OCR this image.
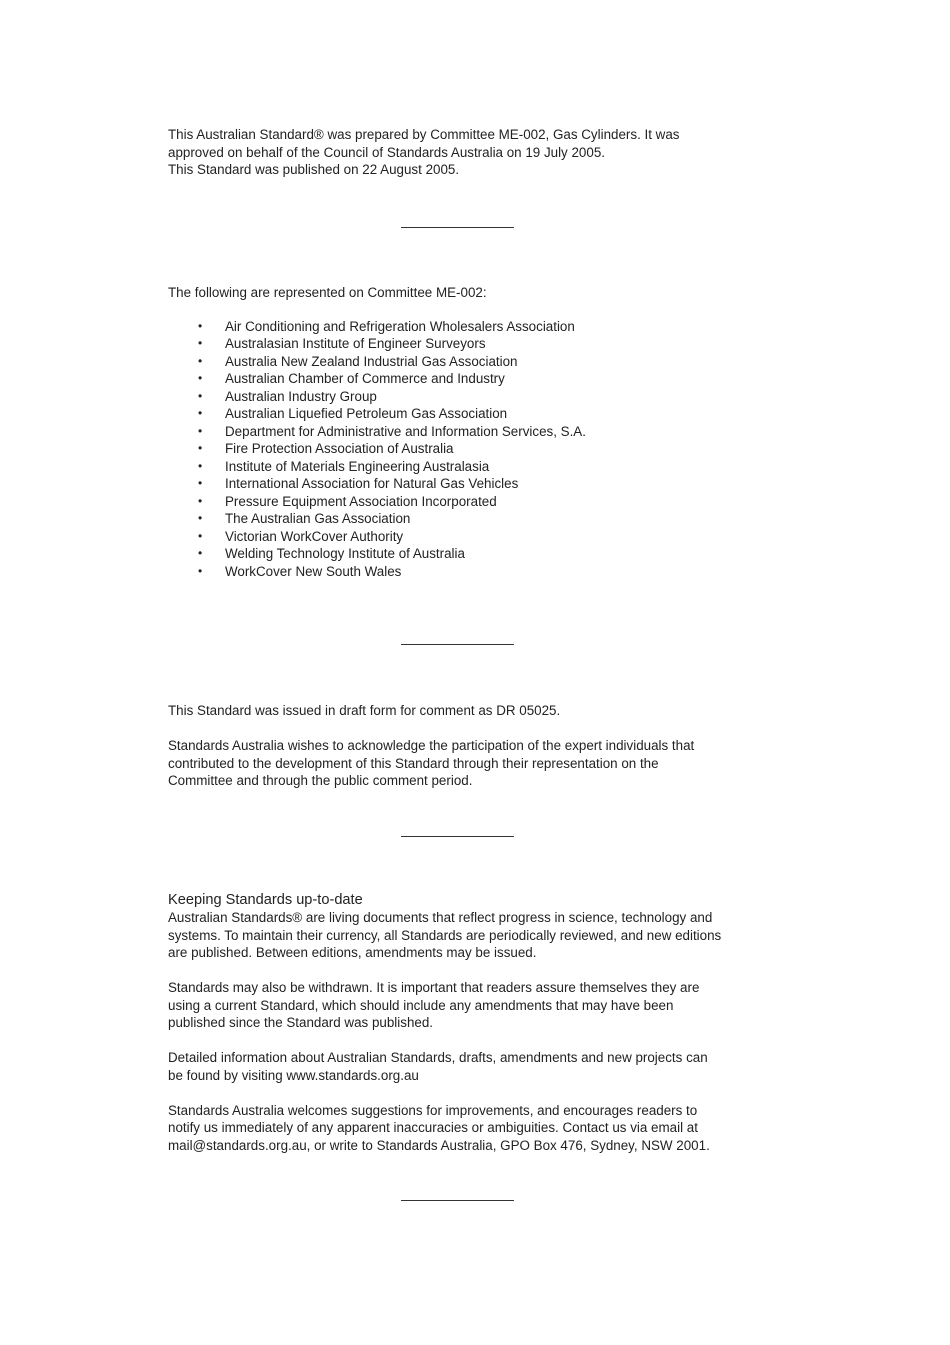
This Australian Standard® was prepared by Committee ME-002, Gas Cylinders. It was

approved on behalf of the Council of Standards Australia on 19 July 2005.

This Standard was published on 22 August 2005.

The following are represented on Committee ME-002:

• Air Conditioning and Refrigeration Wholesalers Association
• Australasian Institute of Engineer Surveyors
• Australia New Zealand Industrial Gas Association
• Australian Chamber of Commerce and Industry
• Australian Industry Group
• Australian Liquefied Petroleum Gas Association
• Department for Administrative and Information Services, S.A.
• Fire Protection Association of Australia
• Institute of Materials Engineering Australasia
• International Association for Natural Gas Vehicles
• Pressure Equipment Association Incorporated
• The Australian Gas Association
• Victorian WorkCover Authority
• Welding Technology Institute of Australia
• WorkCover New South Wales

This Standard was issued in draft form for comment as DR 05025.

Standards Australia wishes to acknowledge the participation of the expert individuals that

contributed to the development of this Standard through their representation on the

Committee and through the public comment period.

Keeping Standards up-to-date

Australian Standards® are living documents that reflect progress in science, technology and

systems. To maintain their currency, all Standards are periodically reviewed, and new editions

are published. Between editions, amendments may be issued.

Standards may also be withdrawn. It is important that readers assure themselves they are

using a current Standard, which should include any amendments that may have been

published since the Standard was published.

Detailed information about Australian Standards, drafts, amendments and new projects can

be found by visiting www.standards.org.au

Standards Australia welcomes suggestions for improvements, and encourages readers to

notify us immediately of any apparent inaccuracies or ambiguities. Contact us via email at

mail@standards.org.au, or write to Standards Australia, GPO Box 476, Sydney, NSW 2001.
